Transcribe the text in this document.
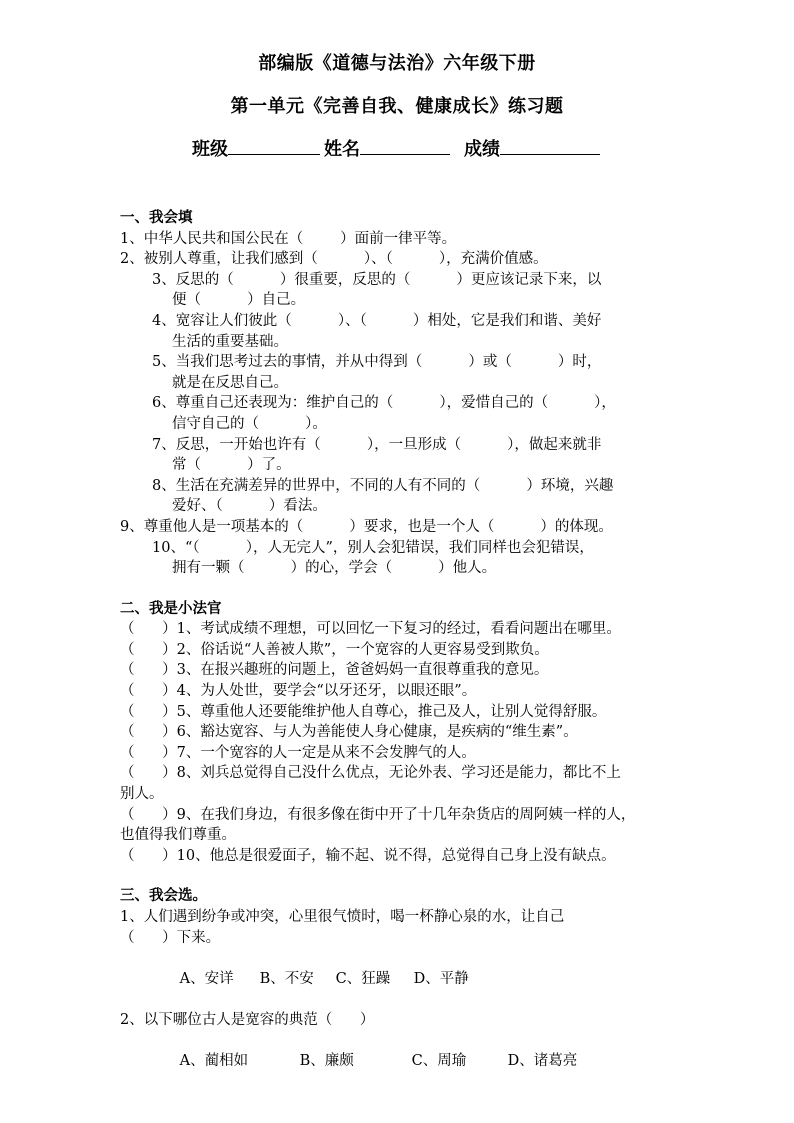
部编版《道德与法治》六年级下册
第一单元《完善自我、健康成长》练习题
班级	姓名	成绩
一、我会填
1、中华人民共和国公民在（        ）面前一律平等。
2、被别人尊重，让我们感到（          ）、（          ），充满价值感。
3、反思的（          ）很重要，反思的（          ）更应该记录下来，以
便（          ）自己。
4、宽容让人们彼此（          ）、（          ）相处，它是我们和谐、美好
生活的重要基础。
5、当我们思考过去的事情，并从中得到（          ）或（          ）时，
就是在反思自己。
6、尊重自己还表现为：维护自己的（          ），爱惜自己的（          ），
信守自己的（          ）。
7、反思，一开始也许有（          ），一旦形成（          ），做起来就非
常（          ）了。
8、生活在充满差异的世界中，不同的人有不同的（          ）环境，兴趣
爱好、（          ）看法。
9、尊重他人是一项基本的（          ）要求，也是一个人（          ）的体现。
10、“（          ），人无完人”，别人会犯错误，我们同样也会犯错误，
拥有一颗（          ）的心，学会（          ）他人。
二、我是小法官
（      ）1、考试成绩不理想，可以回忆一下复习的经过，看看问题出在哪里。
（      ）2、俗话说“人善被人欺”，一个宽容的人更容易受到欺负。
（      ）3、在报兴趣班的问题上，爸爸妈妈一直很尊重我的意见。
（      ）4、为人处世，要学会“以牙还牙，以眼还眼”。
（      ）5、尊重他人还要能维护他人自尊心，推己及人，让别人觉得舒服。
（      ）6、豁达宽容、与人为善能使人身心健康，是疾病的“维生素”。
（      ）7、一个宽容的人一定是从来不会发脾气的人。
（      ）8、刘兵总觉得自己没什么优点，无论外表、学习还是能力，都比不上
别人。
（      ）9、在我们身边，有很多像在街中开了十几年杂货店的周阿姨一样的人，
也值得我们尊重。
（      ）10、他总是很爱面子，输不起、说不得，总觉得自己身上没有缺点。
三、我会选。
1、人们遇到纷争或冲突，心里很气愤时，喝一杯静心泉的水，让自己
（      ）下来。

A、安详 B、不安 C、狂躁 D、平静

2、以下哪位古人是宽容的典范（      ）

A、蔺相如	B、廉颇	C、周瑜	D、诸葛亮
